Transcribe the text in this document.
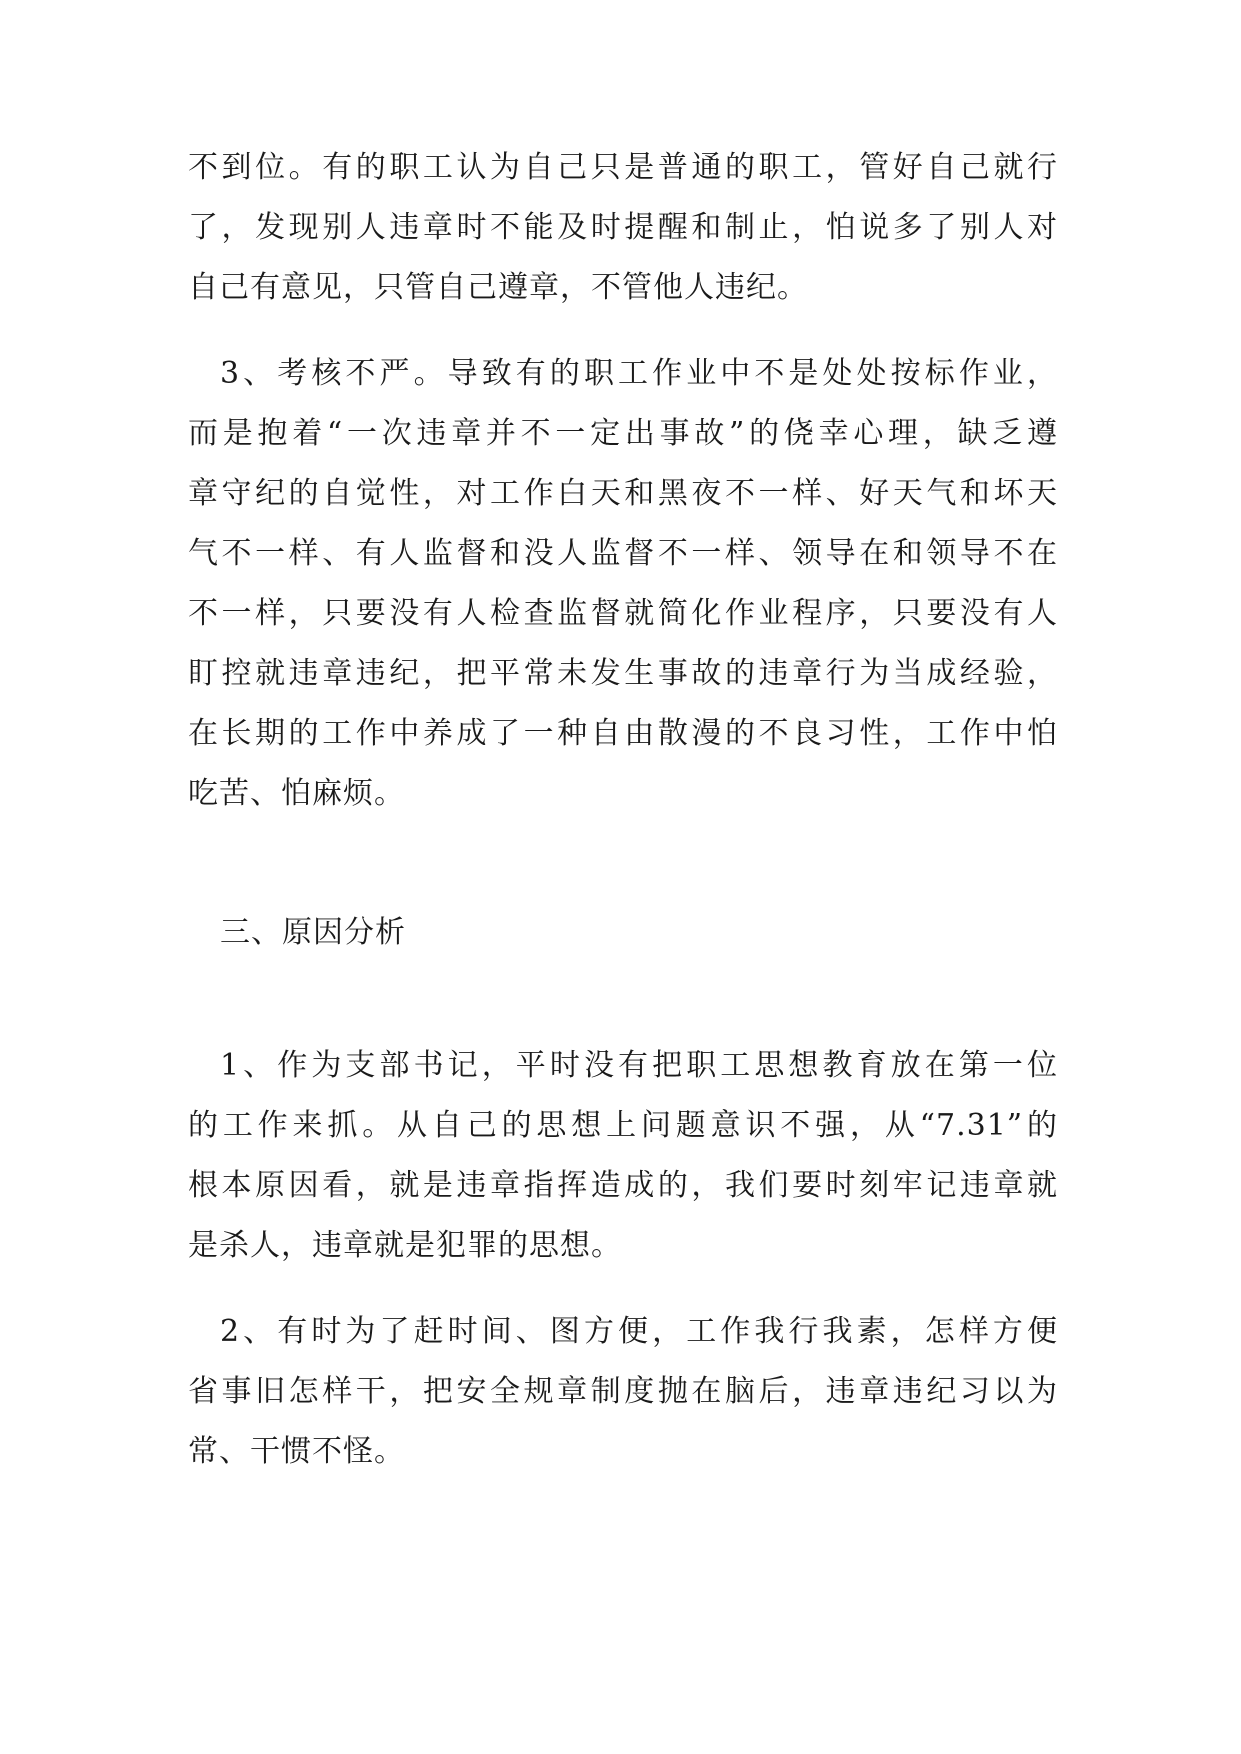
不到位。有的职工认为自己只是普通的职工，管好自己就行
了，发现别人违章时不能及时提醒和制止，怕说多了别人对
自己有意见，只管自己遵章，不管他人违纪。
3、考核不严。导致有的职工作业中不是处处按标作业，
而是抱着“一次违章并不一定出事故”的侥幸心理，缺乏遵
章守纪的自觉性，对工作白天和黑夜不一样、好天气和坏天
气不一样、有人监督和没人监督不一样、领导在和领导不在
不一样，只要没有人检查监督就简化作业程序，只要没有人
盯控就违章违纪，把平常未发生事故的违章行为当成经验，
在长期的工作中养成了一种自由散漫的不良习性，工作中怕
吃苦、怕麻烦。
三、原因分析
1、作为支部书记，平时没有把职工思想教育放在第一位
的工作来抓。从自己的思想上问题意识不强，从“7.31”的
根本原因看，就是违章指挥造成的，我们要时刻牢记违章就
是杀人，违章就是犯罪的思想。
2、有时为了赶时间、图方便，工作我行我素，怎样方便
省事旧怎样干，把安全规章制度抛在脑后，违章违纪习以为
常、干惯不怪。
